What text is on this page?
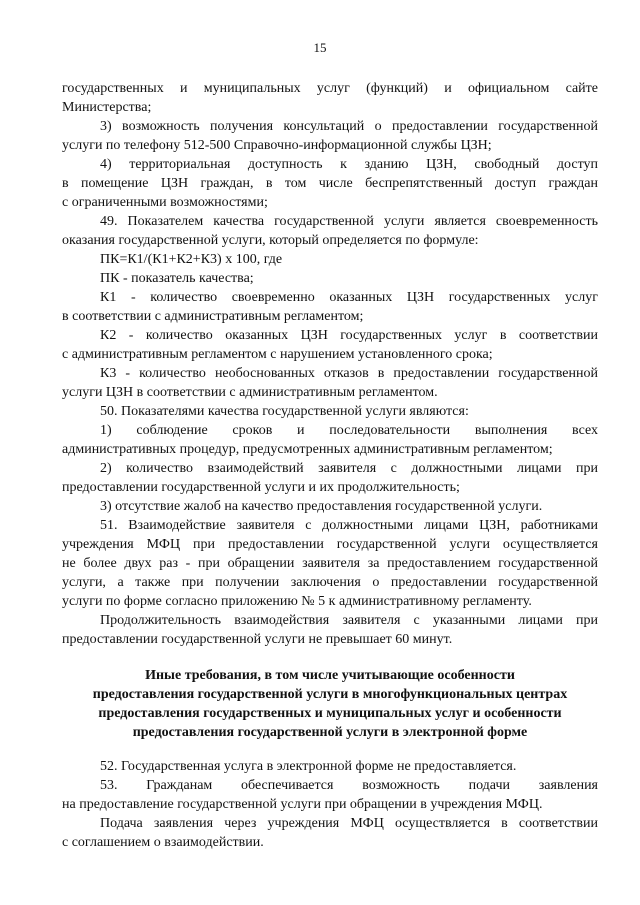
15
государственных и муниципальных услуг (функций) и официальном сайте
Министерства;
3) возможность получения консультаций о предоставлении государственной
услуги по телефону 512-500 Справочно-информационной службы ЦЗН;
4) территориальная доступность к зданию ЦЗН, свободный доступ
в помещение ЦЗН граждан, в том числе беспрепятственный доступ граждан
с ограниченными возможностями;
49. Показателем качества государственной услуги является своевременность
оказания государственной услуги, который определяется по формуле:
ПК=К1/(К1+К2+К3) х 100, где
ПК - показатель качества;
К1 - количество своевременно оказанных ЦЗН государственных услуг
в соответствии с административным регламентом;
К2 - количество оказанных ЦЗН государственных услуг в соответствии
с административным регламентом с нарушением установленного срока;
К3 - количество необоснованных отказов в предоставлении государственной
услуги ЦЗН в соответствии с административным регламентом.
50. Показателями качества государственной услуги являются:
1) соблюдение сроков и последовательности выполнения всех
административных процедур, предусмотренных административным регламентом;
2) количество взаимодействий заявителя с должностными лицами при
предоставлении государственной услуги и их продолжительность;
3) отсутствие жалоб на качество предоставления государственной услуги.
51. Взаимодействие заявителя с должностными лицами ЦЗН, работниками
учреждения МФЦ при предоставлении государственной услуги осуществляется
не более двух раз - при обращении заявителя за предоставлением государственной
услуги, а также при получении заключения о предоставлении государственной
услуги по форме согласно приложению № 5 к административному регламенту.
Продолжительность взаимодействия заявителя с указанными лицами при
предоставлении государственной услуги не превышает 60 минут.
Иные требования, в том числе учитывающие особенности
предоставления государственной услуги в многофункциональных центрах
предоставления государственных и муниципальных услуг и особенности
предоставления государственной услуги в электронной форме
52. Государственная услуга в электронной форме не предоставляется.
53. Гражданам обеспечивается возможность подачи заявления
на предоставление государственной услуги при обращении в учреждения МФЦ.
Подача заявления через учреждения МФЦ осуществляется в соответствии
с соглашением о взаимодействии.
